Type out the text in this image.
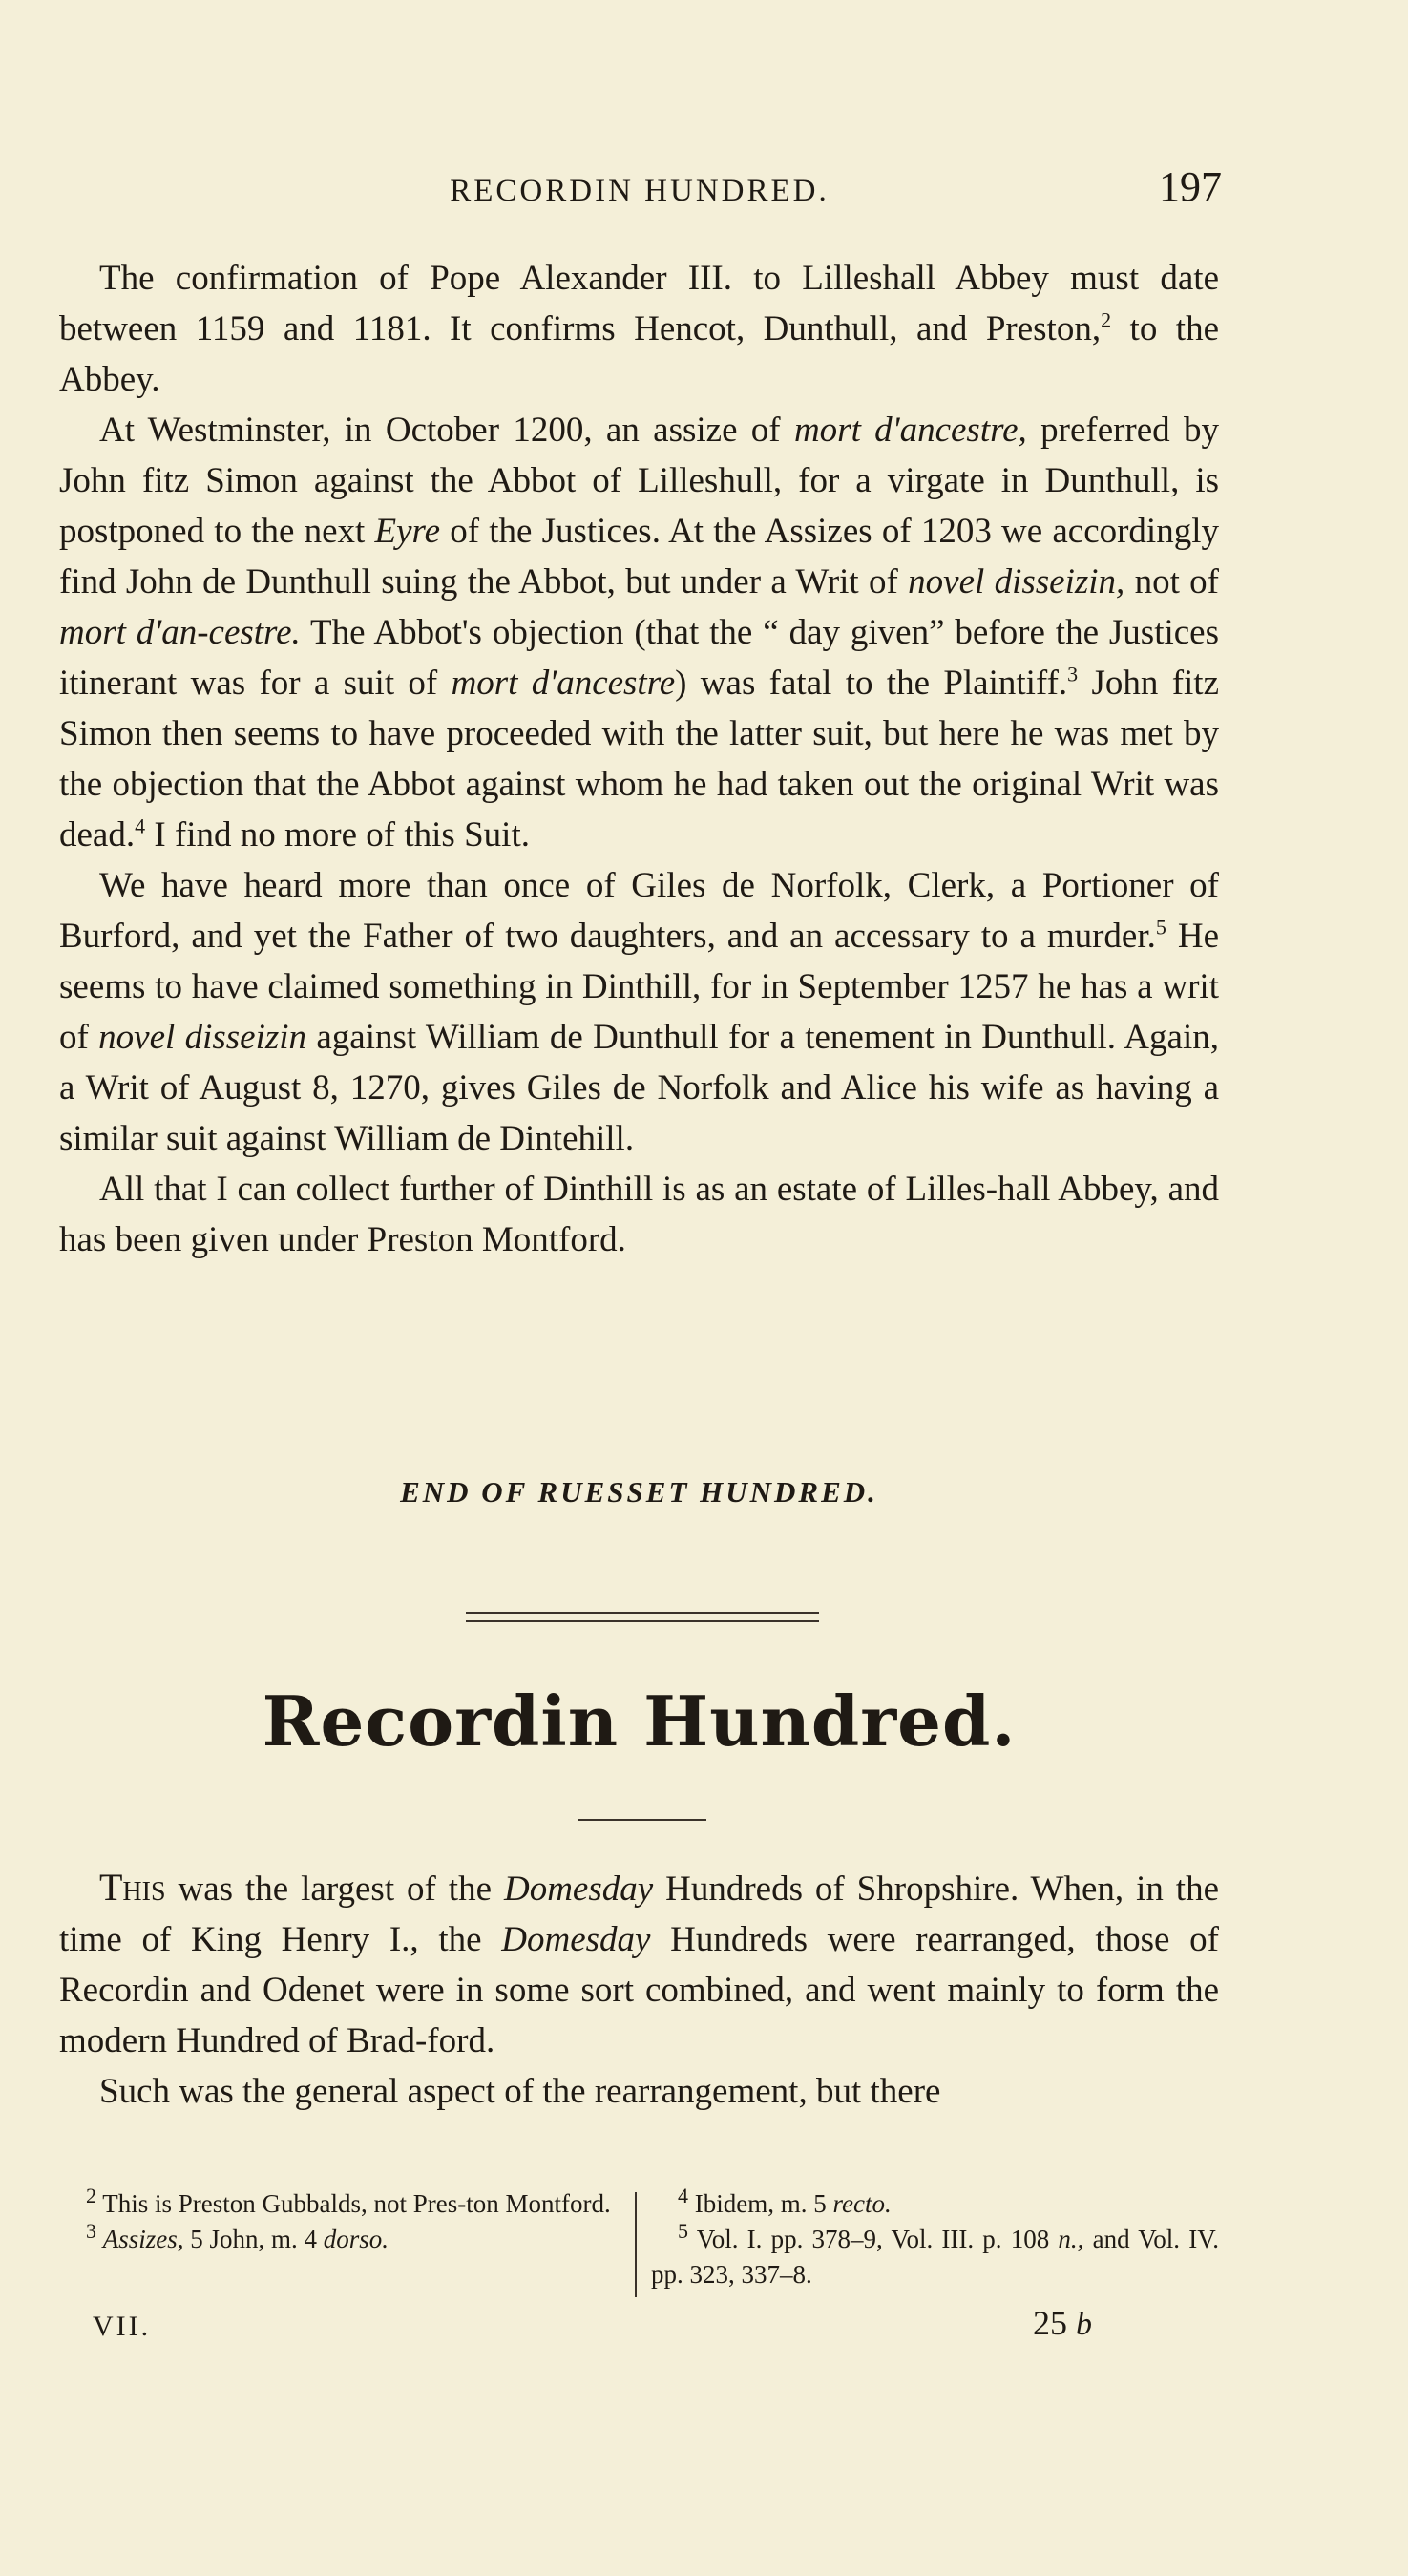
RECORDIN HUNDRED.	197

The confirmation of Pope Alexander III. to Lilleshall Abbey must date between 1159 and 1181. It confirms Hencot, Dunthull, and Preston,$^2$ to the Abbey.

At Westminster, in October 1200, an assize of mort d'ancestre, preferred by John fitz Simon against the Abbot of Lilleshull, for a virgate in Dunthull, is postponed to the next Eyre of the Justices. At the Assizes of 1203 we accordingly find John de Dunthull suing the Abbot, but under a Writ of novel disseizin, not of mort d'an-cestre. The Abbot's objection (that the “ day given” before the Justices itinerant was for a suit of mort d'ancestre) was fatal to the Plaintiff.$^3$ John fitz Simon then seems to have proceeded with the latter suit, but here he was met by the objection that the Abbot against whom he had taken out the original Writ was dead.$^4$ I find no more of this Suit.

We have heard more than once of Giles de Norfolk, Clerk, a Portioner of Burford, and yet the Father of two daughters, and an accessary to a murder.$^5$ He seems to have claimed something in Dinthill, for in September 1257 he has a writ of novel disseizin against William de Dunthull for a tenement in Dunthull. Again, a Writ of August 8, 1270, gives Giles de Norfolk and Alice his wife as having a similar suit against William de Dintehill.

All that I can collect further of Dinthill is as an estate of Lilles-hall Abbey, and has been given under Preston Montford.

END OF RUESSET HUNDRED.
Recordin Hundred.

This was the largest of the Domesday Hundreds of Shropshire. When, in the time of King Henry I., the Domesday Hundreds were rearranged, those of Recordin and Odenet were in some sort combined, and went mainly to form the modern Hundred of Brad-ford.

Such was the general aspect of the rearrangement, but there

$^2$ This is Preston Gubbalds, not Pres-ton Montford.

$^3$ Assizes, 5 John, m. 4 dorso.

$^4$ Ibidem, m. 5 recto.

$^5$ Vol. I. pp. 378–9, Vol. III. p. 108 n., and Vol. IV. pp. 323, 337–8.

VII.	25 b
